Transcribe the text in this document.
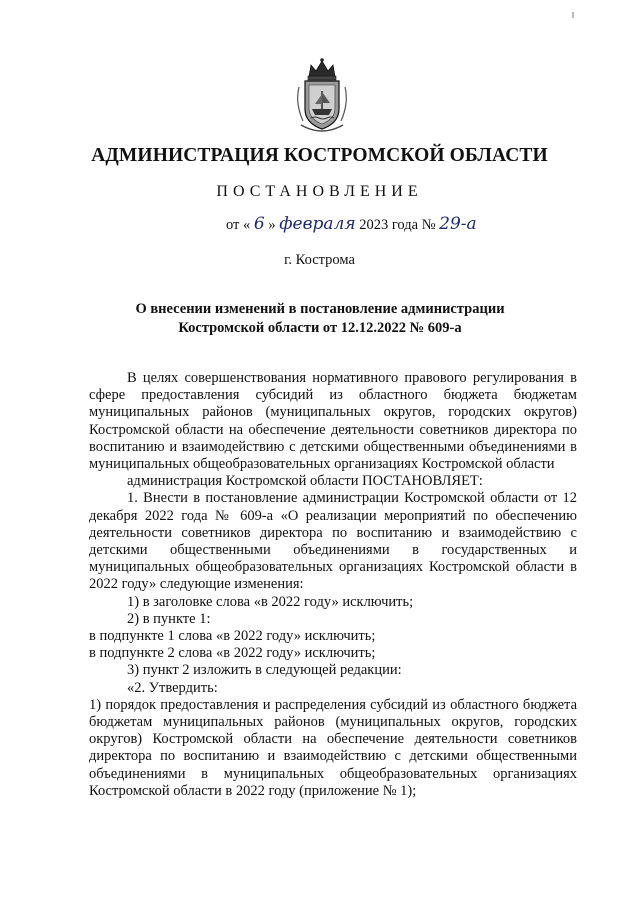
АДМИНИСТРАЦИЯ КОСТРОМСКОЙ ОБЛАСТИ
ПОСТАНОВЛЕНИЕ
от « 6 » февраля 2023 года № 29-а
г. Кострома
О внесении изменений в постановление администрации
Костромской области от 12.12.2022 № 609-а

В целях совершенствования нормативного правового регулирования в сфере предоставления субсидий из областного бюджета бюджетам муниципальных районов (муниципальных округов, городских округов) Костромской области на обеспечение деятельности советников директора по воспитанию и взаимодействию с детскими общественными объединениями в муниципальных общеобразовательных организациях Костромской области

администрация Костромской области ПОСТАНОВЛЯЕТ:

1. Внести в постановление администрации Костромской области от 12 декабря 2022 года № 609-а «О реализации мероприятий по обеспечению деятельности советников директора по воспитанию и взаимодействию с детскими общественными объединениями в государственных и муниципальных общеобразовательных организациях Костромской области в 2022 году» следующие изменения:

1) в заголовке слова «в 2022 году» исключить;

2) в пункте 1:

в подпункте 1 слова «в 2022 году» исключить;

в подпункте 2 слова «в 2022 году» исключить;

3) пункт 2 изложить в следующей редакции:

«2. Утвердить:

1) порядок предоставления и распределения субсидий из областного бюджета бюджетам муниципальных районов (муниципальных округов, городских округов) Костромской области на обеспечение деятельности советников директора по воспитанию и взаимодействию с детскими общественными объединениями в муниципальных общеобразовательных организациях Костромской области в 2022 году (приложение № 1);
